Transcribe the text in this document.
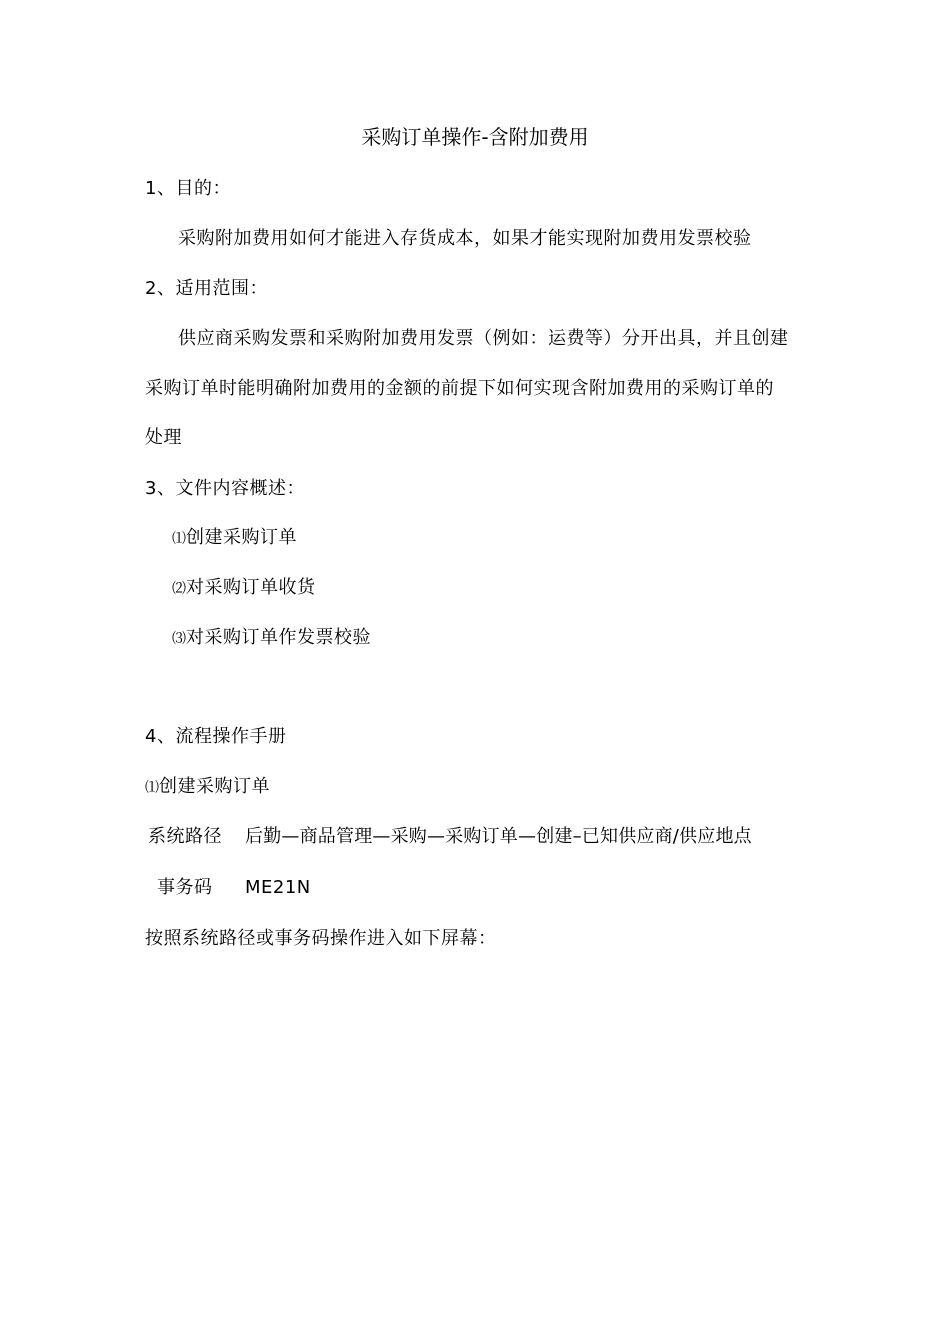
采购订单操作-含附加费用
1、目的：
采购附加费用如何才能进入存货成本，如果才能实现附加费用发票校验
2、适用范围：
供应商采购发票和采购附加费用发票（例如：运费等）分开出具，并且创建
采购订单时能明确附加费用的金额的前提下如何实现含附加费用的采购订单的
处理
3、文件内容概述：
⑴创建采购订单
⑵对采购订单收货
⑶对采购订单作发票校验
4、流程操作手册
⑴创建采购订单
系统路径 后勤—商品管理—采购—采购订单—创建–已知供应商/供应地点
事务码 ME21N
按照系统路径或事务码操作进入如下屏幕：
